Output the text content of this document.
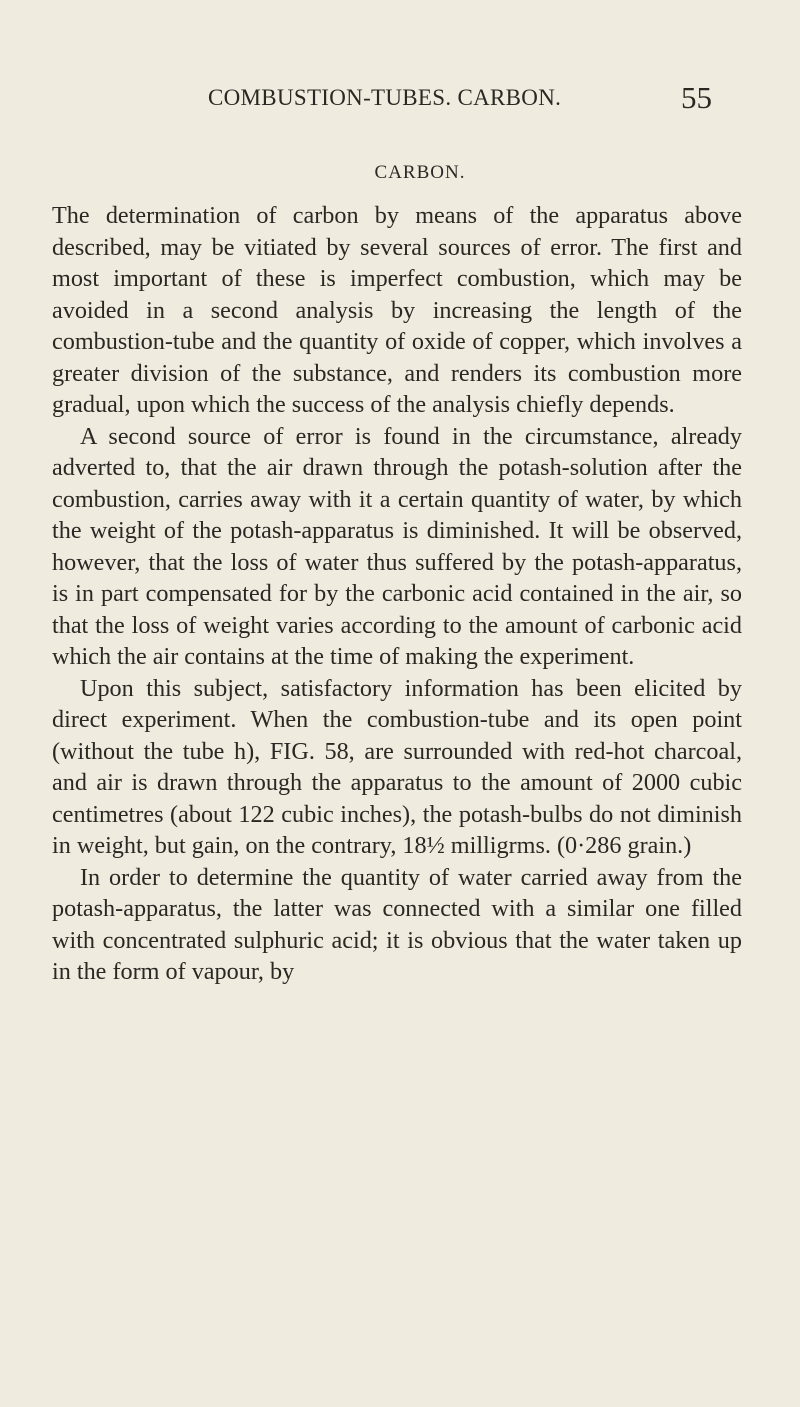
COMBUSTION-TUBES. CARBON.	55
CARBON.

The determination of carbon by means of the apparatus above described, may be vitiated by several sources of error. The first and most important of these is imperfect combustion, which may be avoided in a second analysis by increasing the length of the combustion-tube and the quantity of oxide of copper, which involves a greater division of the substance, and renders its combustion more gradual, upon which the success of the analysis chiefly depends.

A second source of error is found in the circumstance, already adverted to, that the air drawn through the potash-solution after the combustion, carries away with it a certain quantity of water, by which the weight of the potash-apparatus is diminished. It will be observed, however, that the loss of water thus suffered by the potash-apparatus, is in part compensated for by the carbonic acid contained in the air, so that the loss of weight varies according to the amount of carbonic acid which the air contains at the time of making the experiment.

Upon this subject, satisfactory information has been elicited by direct experiment. When the combustion-tube and its open point (without the tube h), FIG. 58, are surrounded with red-hot charcoal, and air is drawn through the apparatus to the amount of 2000 cubic centimetres (about 122 cubic inches), the potash-bulbs do not diminish in weight, but gain, on the contrary, 18½ milligrms. (0·286 grain.)

In order to determine the quantity of water carried away from the potash-apparatus, the latter was connected with a similar one filled with concentrated sulphuric acid; it is obvious that the water taken up in the form of vapour, by
